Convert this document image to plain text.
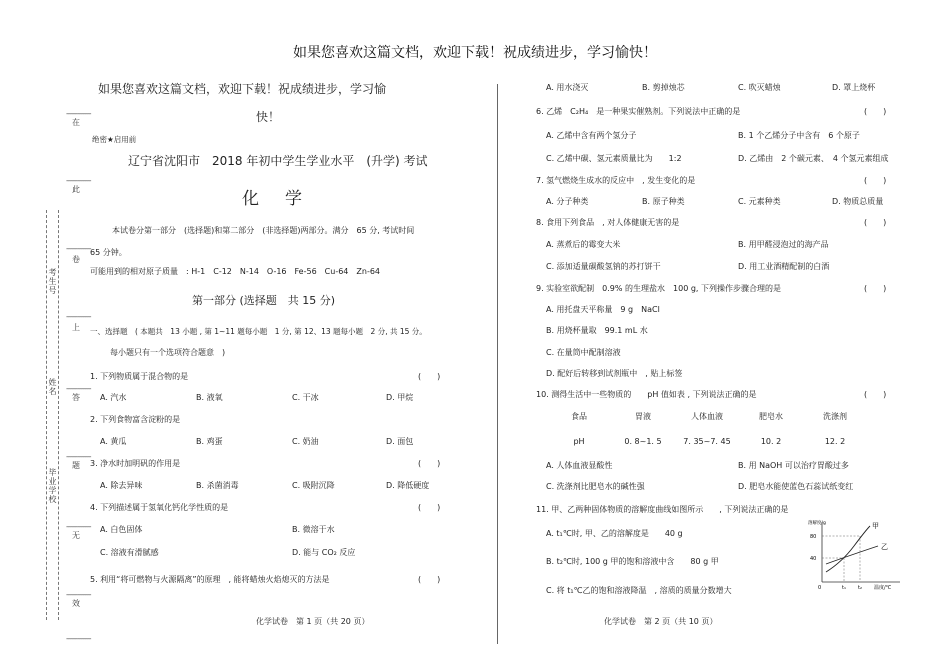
如果您喜欢这篇文档，欢迎下载！祝成绩进步，学习愉快！
考生号
姓名
毕业学校
-------------
在
-------------
此
-------------
卷
-------------
上
-------------
答
-------------
题
-------------
无
-------------
效
-------------
如果您喜欢这篇文档，欢迎下载！祝成绩进步，学习愉
快！
绝密★启用前
辽宁省沈阳市　2018 年初中学生学业水平　(升学) 考试
化学
本试卷分第一部分　(选择题)和第二部分　(非选择题)两部分。满分　65 分, 考试时间
65 分钟。
可能用到的相对原子质量　: H-1　C-12　N-14　O-16　Fe-56　Cu-64　Zn-64
第一部分 (选择题　共 15 分)
一、选择题　( 本题共　13 小题 , 第 1~11 题每小题　1 分, 第 12、13 题每小题　2 分, 共 15 分。
每小题只有一个选项符合题意　)
1. 下列物质属于混合物的是	(　　)
A. 汽水	B. 液氧	C. 干冰	D. 甲烷
2. 下列食物富含淀粉的是
A. 黄瓜	B. 鸡蛋	C. 奶油	D. 面包
3. 净水时加明矾的作用是	(　　)
A. 除去异味	B. 杀菌消毒	C. 吸附沉降	D. 降低硬度
4. 下列描述属于氢氧化钙化学性质的是	(　　)
A. 白色固体	B. 微溶于水
C. 溶液有滑腻感	D. 能与 CO₂ 反应
5. 利用“将可燃物与火源隔离”的原理　, 能将蜡烛火焰熄灭的方法是	(　　)
化学试卷　第 1 页（共 20 页）
A. 用水浇灭	B. 剪掉烛芯	C. 吹灭蜡烛	D. 罩上烧杯
6. 乙烯　C₂H₄　是一种果实催熟剂。下列说法中正确的是	(　　)
A. 乙烯中含有两个氢分子	B. 1 个乙烯分子中含有　6 个原子
C. 乙烯中碳、氢元素质量比为　　1:2	D. 乙烯由　2 个碳元素、　4 个氢元素组成
7. 氢气燃烧生成水的反应中　, 发生变化的是	(　　)
A. 分子种类	B. 原子种类	C. 元素种类	D. 物质总质量
8. 食用下列食品　, 对人体健康无害的是	(　　)
A. 蒸煮后的霉变大米	B. 用甲醛浸泡过的海产品
C. 添加适量碳酸氢钠的苏打饼干	D. 用工业酒精配制的白酒
9. 实验室欲配制　0.9% 的生理盐水　100 g, 下列操作步骤合理的是	(　　)
A. 用托盘天平称量　9 g　NaCl
B. 用烧杯量取　99.1 mL 水
C. 在量筒中配制溶液
D. 配好后转移到试剂瓶中　, 贴上标签
10. 测得生活中一些物质的　　pH 值如表 , 下列说法正确的是	(　　)
食品	胃液	人体血液	肥皂水	洗涤剂
pH	0. 8~1. 5	7. 35~7. 45	10. 2	12. 2
A. 人体血液显酸性	B. 用 NaOH 可以治疗胃酸过多
C. 洗涤剂比肥皂水的碱性强	D. 肥皂水能使蓝色石蕊试纸变红
11. 甲、乙两种固体物质的溶解度曲线如图所示　　, 下列说法正确的是
A. t₁℃时, 甲、乙的溶解度是　　40 g
B. t₂℃时, 100 g 甲的饱和溶液中含　　80 g 甲
C. 将 t₁℃乙的饱和溶液降温　, 溶质的质量分数增大
甲
乙
溶解度/g
80
40
0	t₁ t₂ 温度/℃
化学试卷　第 2 页（共 10 页）
